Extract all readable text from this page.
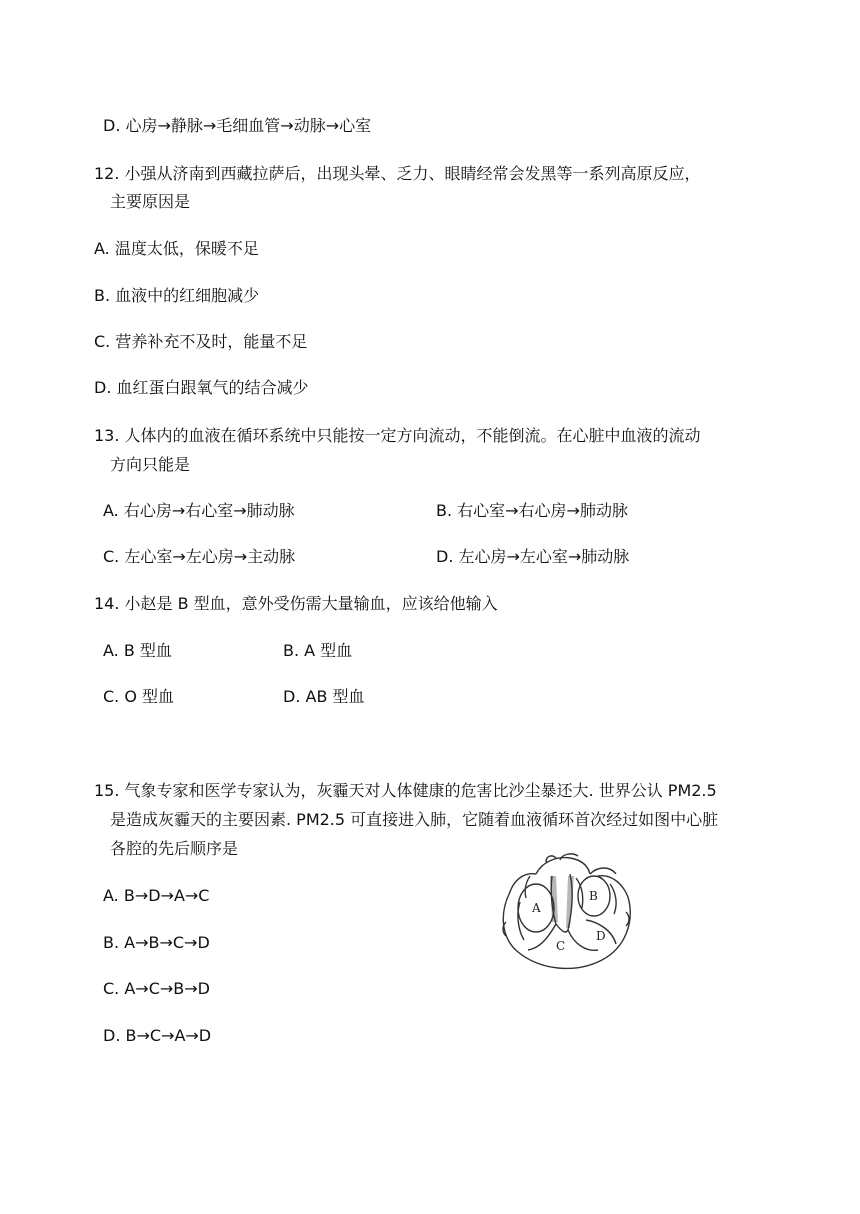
D. 心房→静脉→毛细血管→动脉→心室
12. 小强从济南到西藏拉萨后，出现头晕、乏力、眼睛经常会发黑等一系列高原反应，
主要原因是
A. 温度太低，保暖不足
B. 血液中的红细胞减少
C. 营养补充不及时，能量不足
D. 血红蛋白跟氧气的结合减少
13. 人体内的血液在循环系统中只能按一定方向流动，不能倒流。在心脏中血液的流动
方向只能是
A. 右心房→右心室→肺动脉	B. 右心室→右心房→肺动脉
C. 左心室→左心房→主动脉	D. 左心房→左心室→肺动脉
14. 小赵是 B 型血，意外受伤需大量输血，应该给他输入
A. B 型血	B. A 型血
C. O 型血	D. AB 型血
15. 气象专家和医学专家认为，灰霾天对人体健康的危害比沙尘暴还大. 世界公认 PM2.5
是造成灰霾天的主要因素. PM2.5 可直接进入肺，它随着血液循环首次经过如图中心脏
各腔的先后顺序是
A. B→D→A→C
B. A→B→C→D
C. A→C→B→D
D. B→C→A→D
A
B
C
D
